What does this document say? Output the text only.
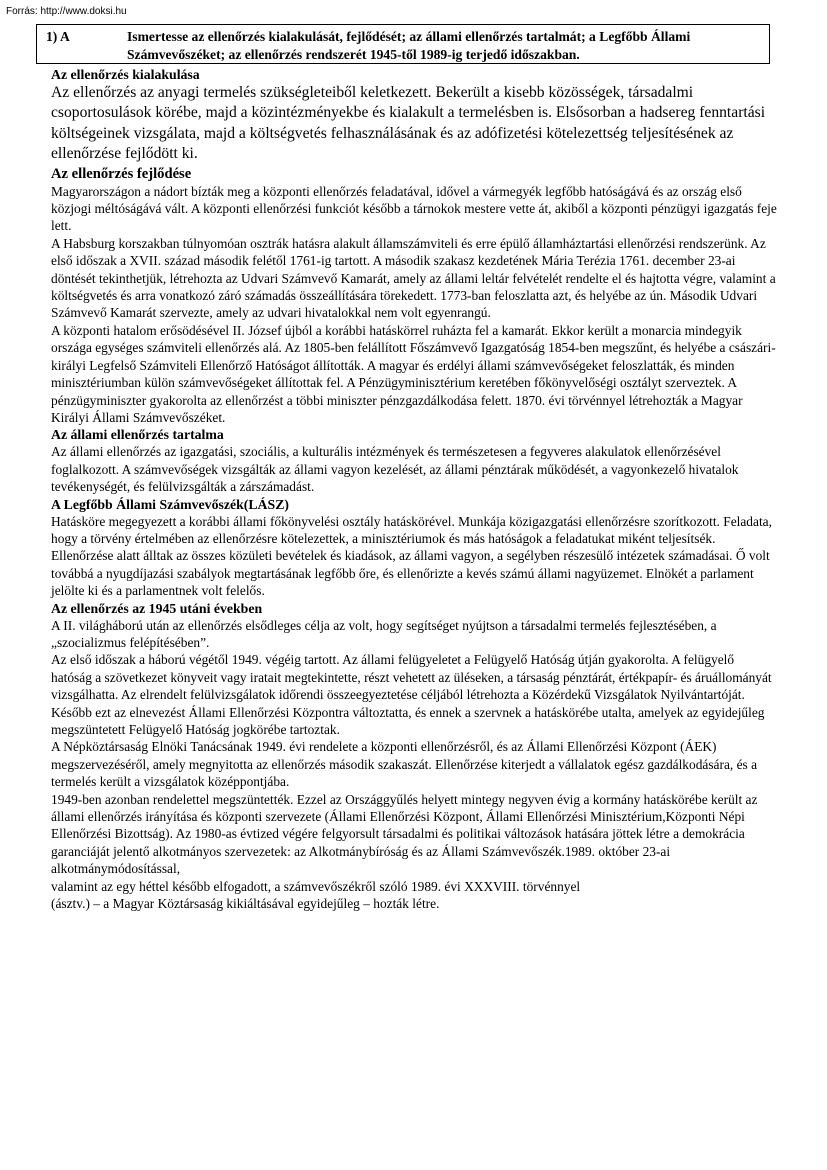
Forrás: http://www.doksi.hu
1) A	Ismertesse az ellenőrzés kialakulását, fejlődését; az állami ellenőrzés tartalmát; a Legfőbb Állami Számvevőszéket; az ellenőrzés rendszerét 1945-től 1989-ig terjedő időszakban.
Az ellenőrzés kialakulása

Az ellenőrzés az anyagi termelés szükségleteiből keletkezett. Bekerült a kisebb közösségek, társadalmi csoportosulások körébe, majd a közintézményekbe és kialakult a termelésben is. Elsősorban a hadsereg fenntartási költségeinek vizsgálata, majd a költségvetés felhasználásának és az adófizetési kötelezettség teljesítésének az ellenőrzése fejlődött ki.

Az ellenőrzés fejlődése

Magyarországon a nádort bízták meg a központi ellenőrzés feladatával, idővel a vármegyék legfőbb hatóságává és az ország első közjogi méltóságává vált. A központi ellenőrzési funkciót később a tárnokok mestere vette át, akiből a központi pénzügyi igazgatás feje lett.

A Habsburg korszakban túlnyomóan osztrák hatásra alakult államszámviteli és erre épülő államháztartási ellenőrzési rendszerünk. Az első időszak a XVII. század második felétől 1761-ig tartott. A második szakasz kezdetének Mária Terézia 1761. december 23-ai döntését tekinthetjük, létrehozta az Udvari Számvevő Kamarát, amely az állami leltár felvételét rendelte el és hajtotta végre, valamint a költségvetés és arra vonatkozó záró számadás összeállítására törekedett. 1773-ban feloszlatta azt, és helyébe az ún. Második Udvari Számvevő Kamarát szervezte, amely az udvari hivatalokkal nem volt egyenrangú.

A központi hatalom erősödésével II. József újból a korábbi hatáskörrel ruházta fel a kamarát. Ekkor került a monarcia mindegyik országa egységes számviteli ellenőrzés alá. Az 1805-ben felállított Főszámvevő Igazgatóság 1854-ben megszűnt, és helyébe a császári-királyi Legfelső Számviteli Ellenőrző Hatóságot állították. A magyar és erdélyi állami számvevőségeket feloszlatták, és minden minisztériumban külön számvevőségeket állítottak fel. A Pénzügyminisztérium keretében főkönyvelőségi osztályt szerveztek. A pénzügyminiszter gyakorolta az ellenőrzést a többi miniszter pénzgazdálkodása felett. 1870. évi törvénnyel létrehozták a Magyar Királyi Állami Számvevőszéket.

Az állami ellenőrzés tartalma

Az állami ellenőrzés az igazgatási, szociális, a kulturális intézmények és természetesen a fegyveres alakulatok ellenőrzésével foglalkozott. A számvevőségek vizsgálták az állami vagyon kezelését, az állami pénztárak működését, a vagyonkezelő hivatalok tevékenységét, és felülvizsgálták a zárszámadást.

A Legfőbb Állami Számvevőszék(LÁSZ)

Hatásköre megegyezett a korábbi állami főkönyvelési osztály hatáskörével. Munkája közigazgatási ellenőrzésre szorítkozott. Feladata, hogy a törvény értelmében az ellenőrzésre kötelezettek, a minisztériumok és más hatóságok a feladatukat miként teljesítsék.

Ellenőrzése alatt álltak az összes közületi bevételek és kiadások, az állami vagyon, a segélyben részesülő intézetek számadásai. Ő volt továbbá a nyugdíjazási szabályok megtartásának legfőbb őre, és ellenőrizte a kevés számú állami nagyüzemet. Elnökét a parlament jelölte ki és a parlamentnek volt felelős.

Az ellenőrzés az 1945 utáni években

A II. világháború után az ellenőrzés elsődleges célja az volt, hogy segítséget nyújtson a társadalmi termelés fejlesztésében, a „szocializmus felépítésében”.

Az első időszak a háború végétől 1949. végéig tartott. Az állami felügyeletet a Felügyelő Hatóság útján gyakorolta. A felügyelő hatóság a szövetkezet könyveit vagy iratait megtekintette, részt vehetett az üléseken, a társaság pénztárát, értékpapír- és áruállományát vizsgálhatta. Az elrendelt felülvizsgálatok időrendi összeegyeztetése céljából létrehozta a Közérdekű Vizsgálatok Nyilvántartóját.

Később ezt az elnevezést Állami Ellenőrzési Központra változtatta, és ennek a szervnek a hatáskörébe utalta, amelyek az egyidejűleg megszüntetett Felügyelő Hatóság jogkörébe tartoztak.

A Népköztársaság Elnöki Tanácsának 1949. évi rendelete a központi ellenőrzésről, és az Állami Ellenőrzési Központ (ÁEK) megszervezéséről, amely megnyitotta az ellenőrzés második szakaszát. Ellenőrzése kiterjedt a vállalatok egész gazdálkodására, és a termelés került a vizsgálatok középpontjába.

1949-ben azonban rendelettel megszüntették. Ezzel az Országgyűlés helyett mintegy negyven évig a kormány hatáskörébe került az állami ellenőrzés irányítása és központi szervezete (Állami Ellenőrzési Központ, Állami Ellenőrzési Minisztérium,Központi Népi Ellenőrzési Bizottság). Az 1980-as évtized végére felgyorsult társadalmi és politikai változások hatására jöttek létre a demokrácia garanciáját jelentő alkotmányos szervezetek: az Alkotmánybíróság és az Állami Számvevőszék.1989. október 23-ai alkotmánymódosítással,

valamint az egy héttel később elfogadott, a számvevőszékről szóló 1989. évi XXXVIII. törvénnyel

(ásztv.) – a Magyar Köztársaság kikiáltásával egyidejűleg – hozták létre.
